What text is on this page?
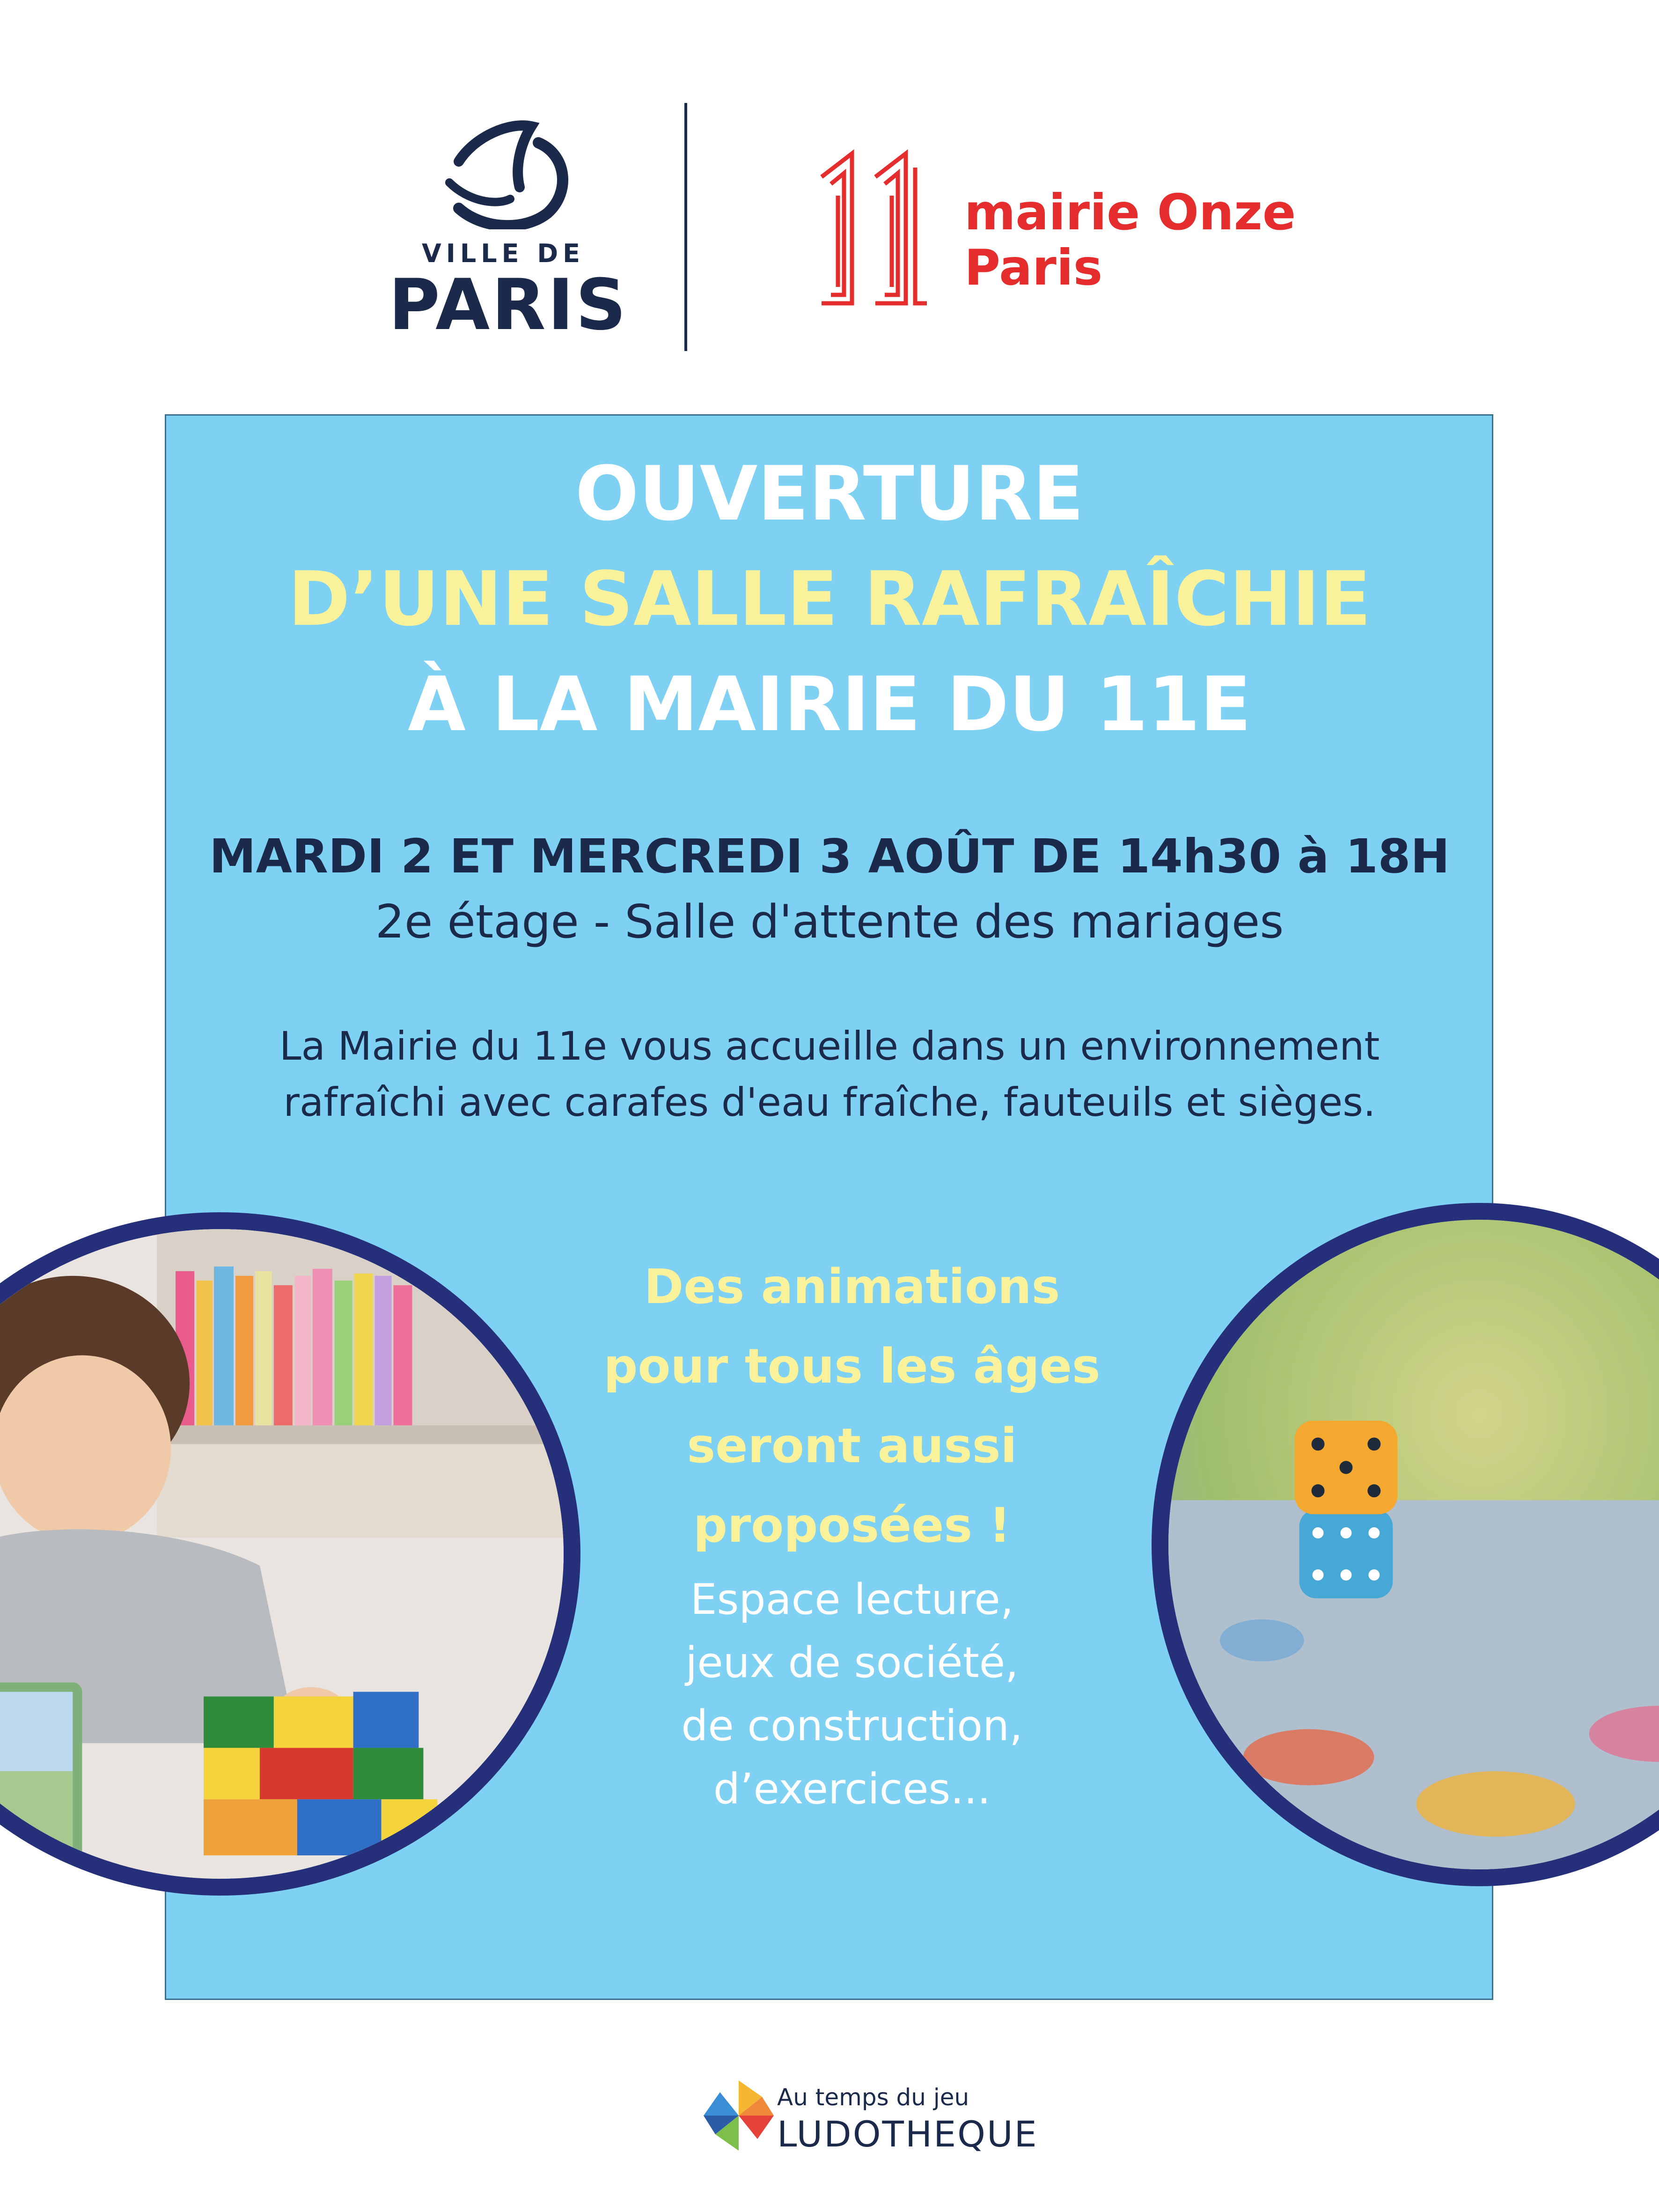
VILLE DE
PARIS
mairie Onze
Paris
OUVERTURE
D’UNE SALLE RAFRAÎCHIE
À LA MAIRIE DU 11E
MARDI 2 ET MERCREDI 3 AOÛT DE 14h30 à 18H
2e étage - Salle d'attente des mariages
La Mairie du 11e vous accueille dans un environnement
rafraîchi avec carafes d'eau fraîche, fauteuils et sièges.
Des animations
pour tous les âges
seront aussi
proposées !
Espace lecture,
jeux de société,
de construction,
d’exercices...
Au temps du jeu
LUDOTHEQUE
